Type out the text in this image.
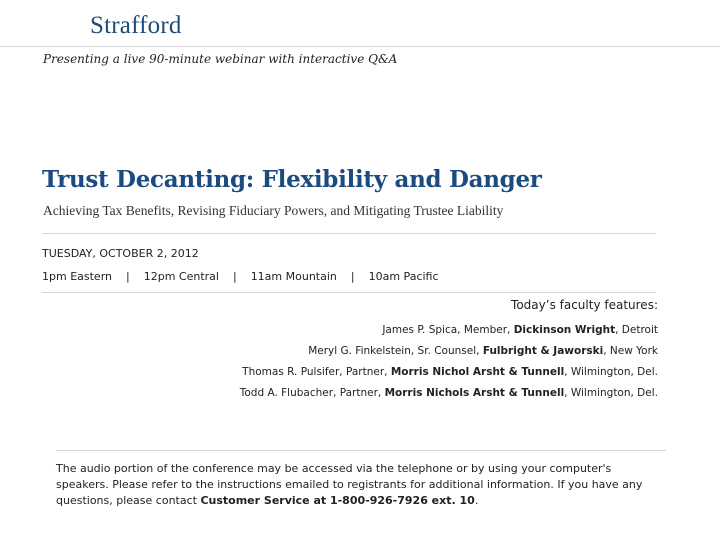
Strafford
Presenting a live 90-minute webinar with interactive Q&A
Trust Decanting: Flexibility and Danger
Achieving Tax Benefits, Revising Fiduciary Powers, and Mitigating Trustee Liability
TUESDAY, OCTOBER 2, 2012
1pm Eastern | 12pm Central | 11am Mountain | 10am Pacific
Today’s faculty features:
James P. Spica, Member, Dickinson Wright, Detroit
Meryl G. Finkelstein, Sr. Counsel, Fulbright & Jaworski, New York
Thomas R. Pulsifer, Partner, Morris Nichol Arsht & Tunnell, Wilmington, Del.
Todd A. Flubacher, Partner, Morris Nichols Arsht & Tunnell, Wilmington, Del.
The audio portion of the conference may be accessed via the telephone or by using your computer's speakers. Please refer to the instructions emailed to registrants for additional information. If you have any questions, please contact Customer Service at 1-800-926-7926 ext. 10.
